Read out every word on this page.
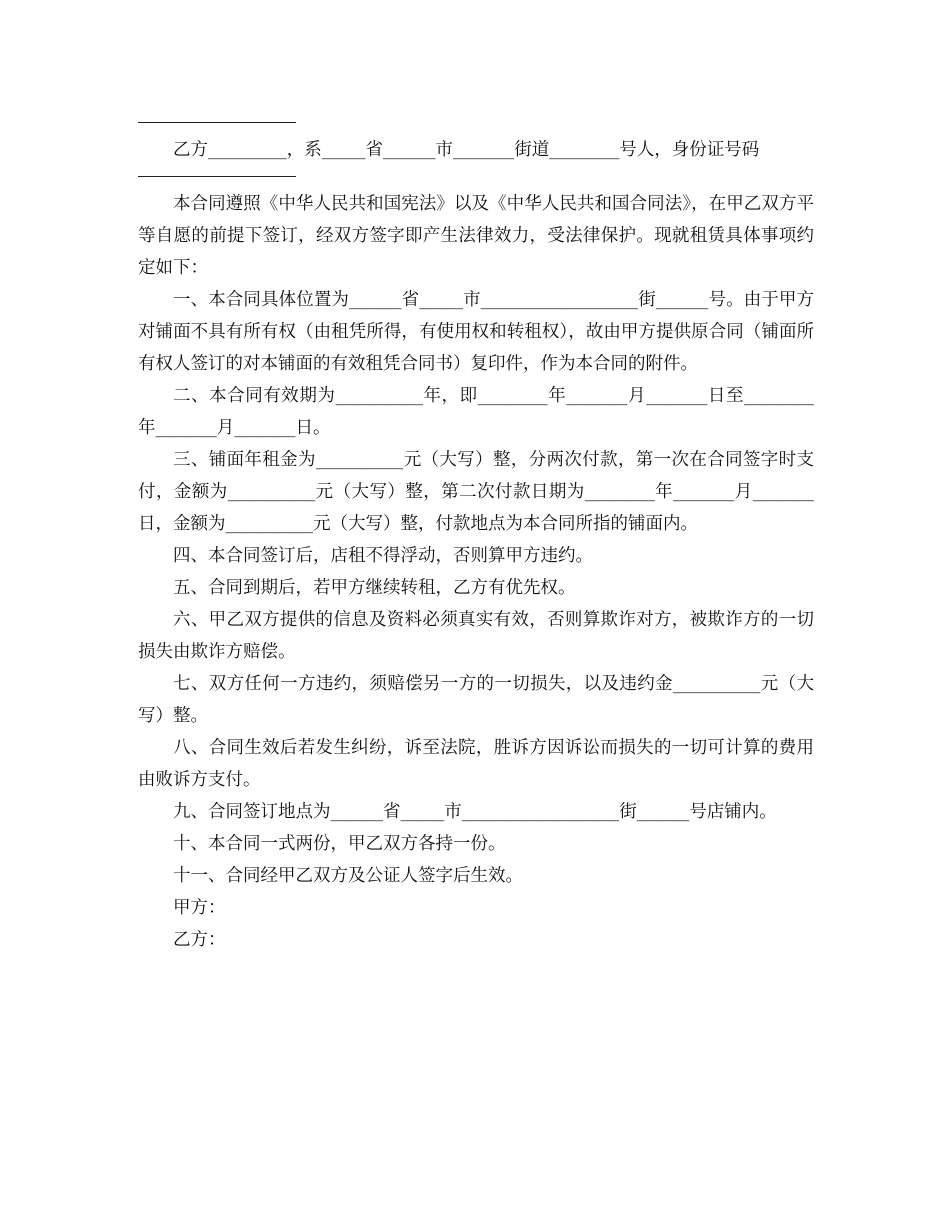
乙方_________，系_____省______市_______街道________号人，身份证号码

本合同遵照《中华人民共和国宪法》以及《中华人民共和国合同法》，在甲乙双方平等自愿的前提下签订，经双方签字即产生法律效力，受法律保护。现就租赁具体事项约定如下：

一、本合同具体位置为______省_____市__________________街______号。由于甲方对铺面不具有所有权（由租凭所得，有使用权和转租权），故由甲方提供原合同（铺面所有权人签订的对本铺面的有效租凭合同书）复印件，作为本合同的附件。

二、本合同有效期为__________年，即________年_______月_______日至________年_______月_______日。

三、铺面年租金为__________元（大写）整，分两次付款，第一次在合同签字时支付，金额为__________元（大写）整，第二次付款日期为________年_______月_______日，金额为__________元（大写）整，付款地点为本合同所指的铺面内。

四、本合同签订后，店租不得浮动，否则算甲方违约。

五、合同到期后，若甲方继续转租，乙方有优先权。

六、甲乙双方提供的信息及资料必须真实有效，否则算欺诈对方，被欺诈方的一切损失由欺诈方赔偿。

七、双方任何一方违约，须赔偿另一方的一切损失，以及违约金__________元（大写）整。

八、合同生效后若发生纠纷，诉至法院，胜诉方因诉讼而损失的一切可计算的费用由败诉方支付。

九、合同签订地点为______省_____市__________________街______号店铺内。

十、本合同一式两份，甲乙双方各持一份。

十一、合同经甲乙双方及公证人签字后生效。

甲方：

乙方：
